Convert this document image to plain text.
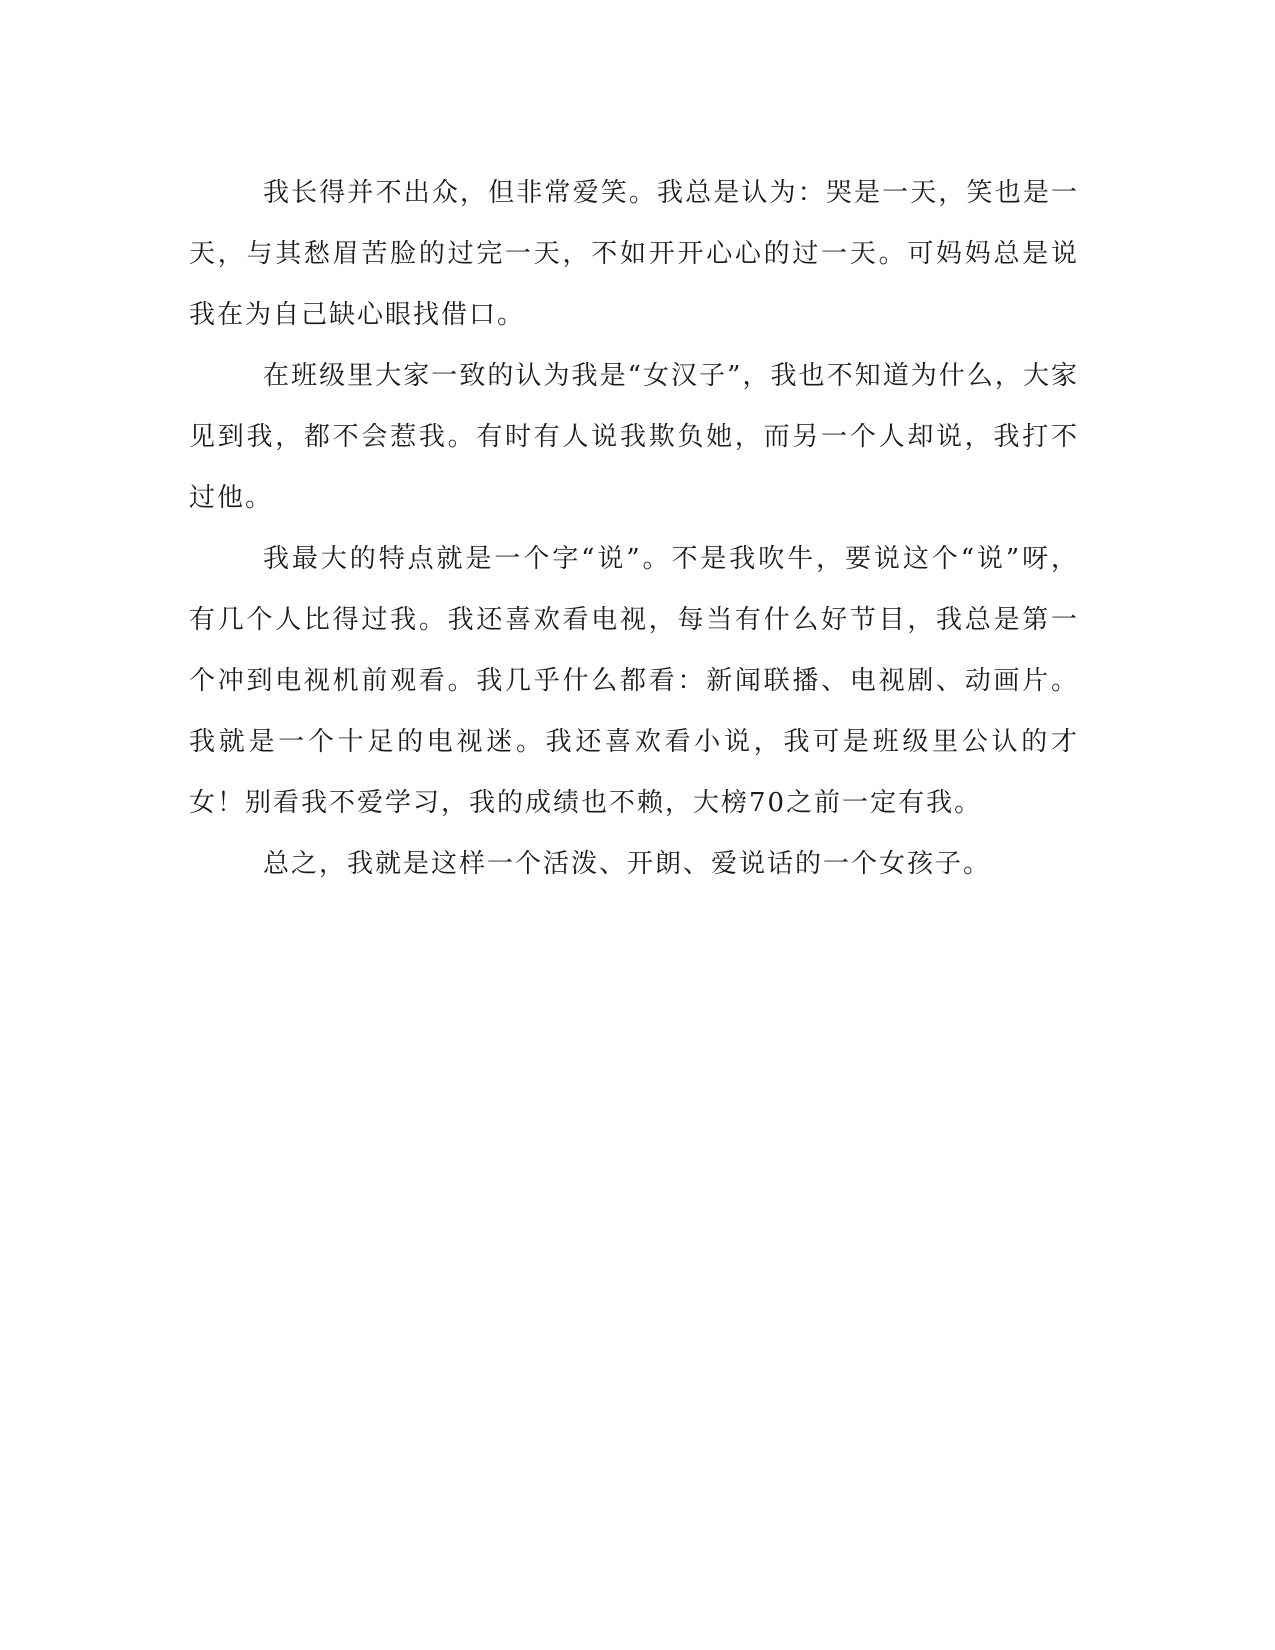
我长得并不出众，但非常爱笑。我总是认为：哭是一天，笑也是一天，与其愁眉苦脸的过完一天，不如开开心心的过一天。可妈妈总是说我在为自己缺心眼找借口。

在班级里大家一致的认为我是“女汉子”，我也不知道为什么，大家见到我，都不会惹我。有时有人说我欺负她，而另一个人却说，我打不过他。

我最大的特点就是一个字“说”。不是我吹牛，要说这个“说”呀，有几个人比得过我。我还喜欢看电视，每当有什么好节目，我总是第一个冲到电视机前观看。我几乎什么都看：新闻联播、电视剧、动画片。我就是一个十足的电视迷。我还喜欢看小说，我可是班级里公认的才女！别看我不爱学习，我的成绩也不赖，大榜70之前一定有我。

总之，我就是这样一个活泼、开朗、爱说话的一个女孩子。
